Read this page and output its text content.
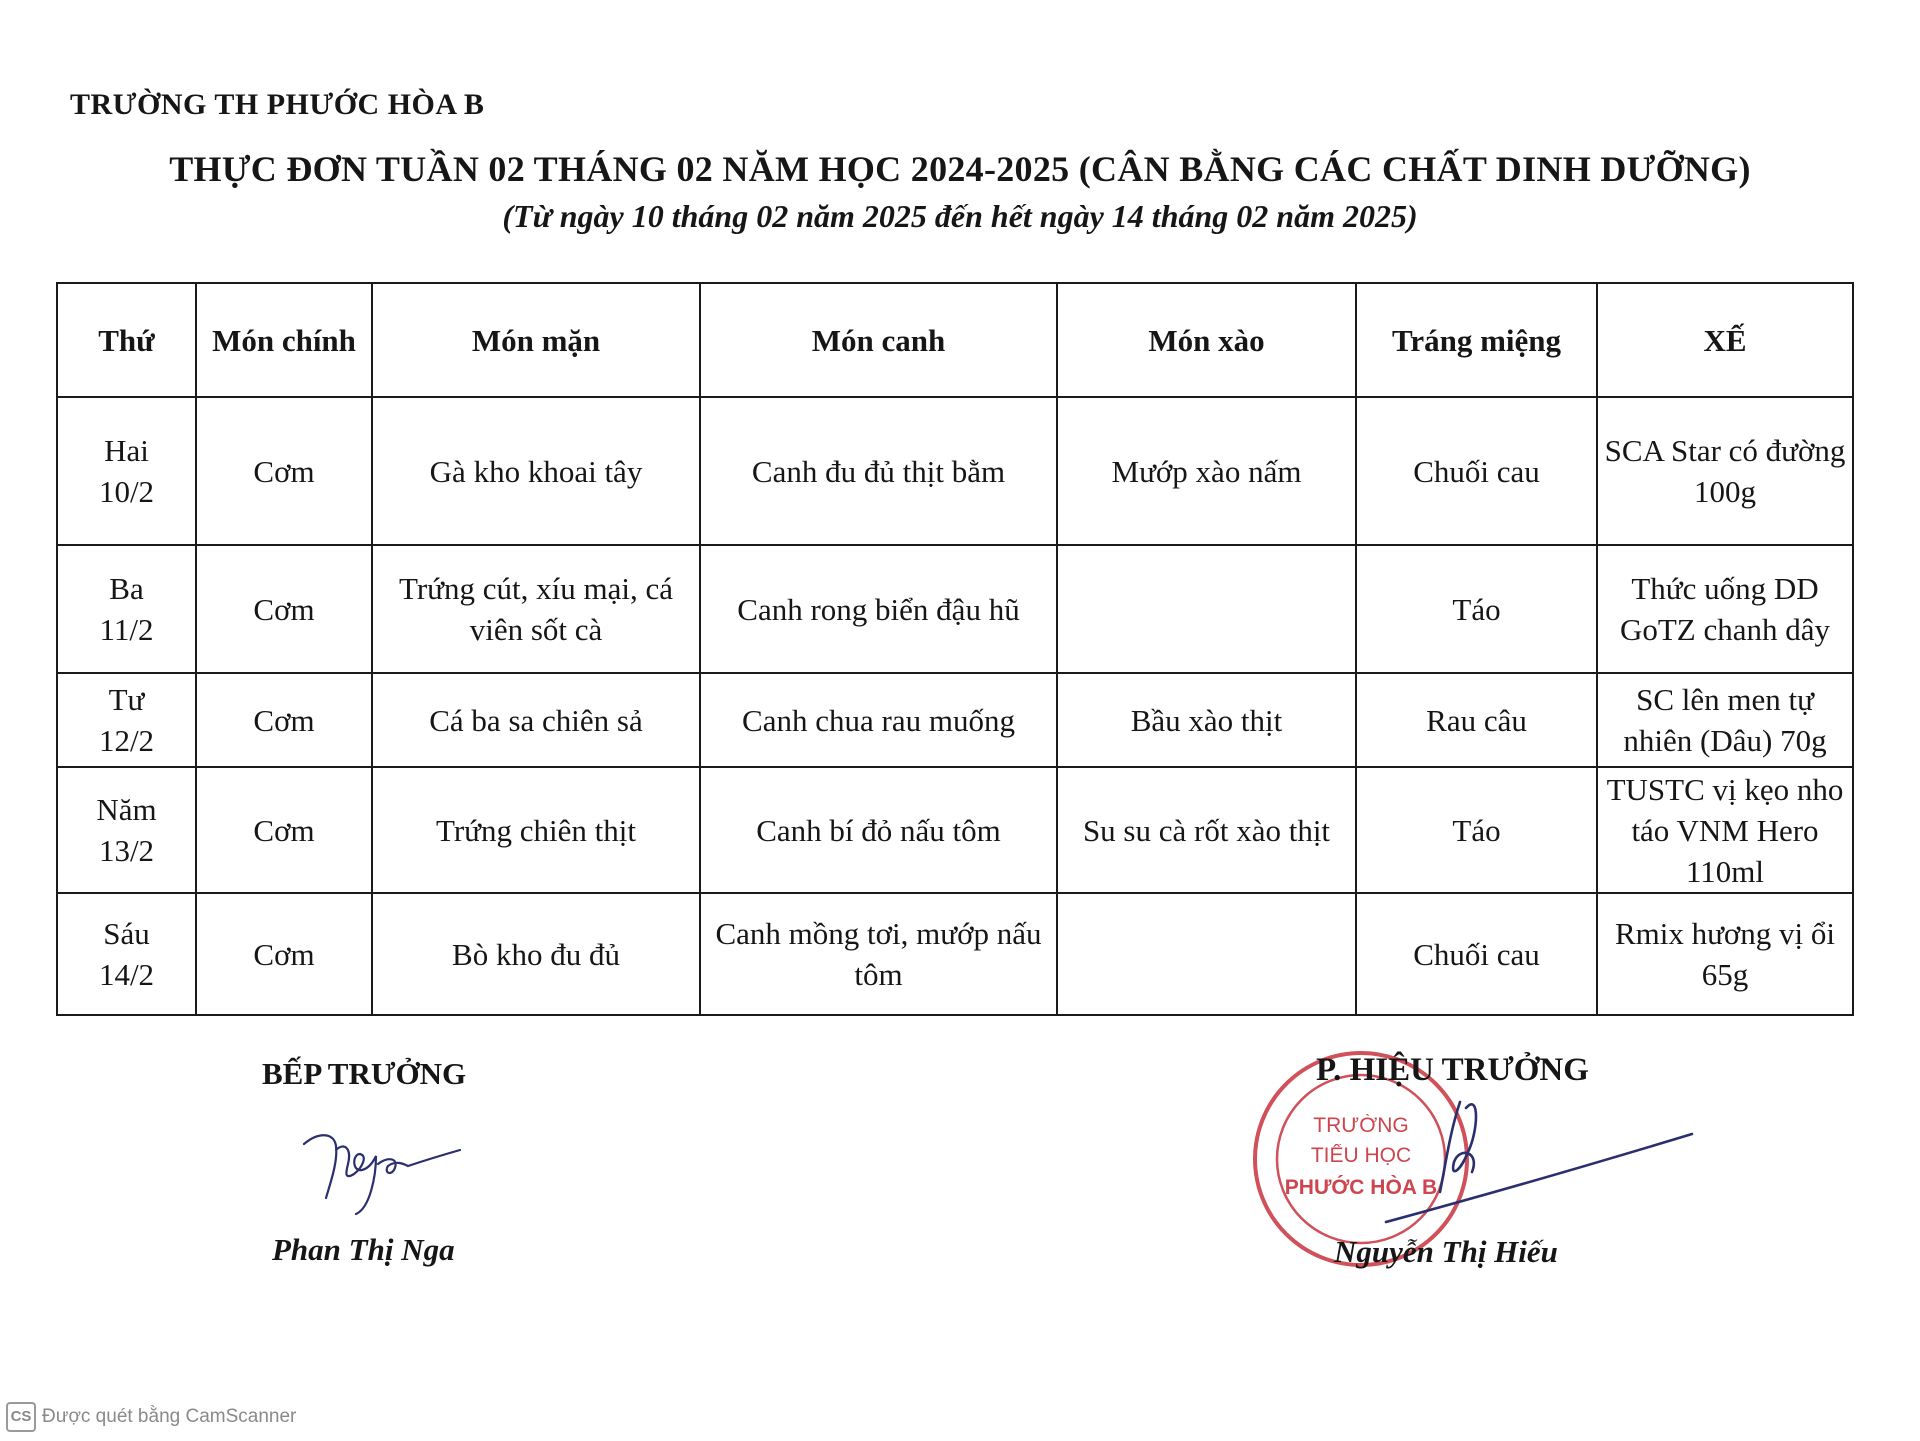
TRƯỜNG TH PHƯỚC HÒA B
THỰC ĐƠN TUẦN 02 THÁNG 02 NĂM HỌC 2024-2025 (CÂN BẰNG CÁC CHẤT DINH DƯỠNG)
(Từ ngày 10 tháng 02 năm 2025 đến hết ngày 14 tháng 02 năm 2025)
Thứ	Món chính	Món mặn	Món canh	Món xào	Tráng miệng	XẾ
Hai
10/2	Cơm	Gà kho khoai tây	Canh đu đủ thịt bằm	Mướp xào nấm	Chuối cau	SCA Star có đường 100g
Ba
11/2	Cơm	Trứng cút, xíu mại, cá viên sốt cà	Canh rong biển đậu hũ		Táo	Thức uống DD GoTZ chanh dây
Tư
12/2	Cơm	Cá ba sa chiên sả	Canh chua rau muống	Bầu xào thịt	Rau câu	SC lên men tự nhiên (Dâu) 70g
Năm
13/2	Cơm	Trứng chiên thịt	Canh bí đỏ nấu tôm	Su su cà rốt xào thịt	Táo	TUSTC vị kẹo nho táo VNM Hero 110ml
Sáu
14/2	Cơm	Bò kho đu đủ	Canh mồng tơi, mướp nấu tôm		Chuối cau	Rmix hương vị ổi 65g
BẾP TRƯỞNG
Phan Thị Nga
TRƯỜNG
TIỂU HỌC
PHƯỚC HÒA B
P. HIỆU TRƯỞNG
Nguyễn Thị Hiếu
CS Được quét bằng CamScanner
